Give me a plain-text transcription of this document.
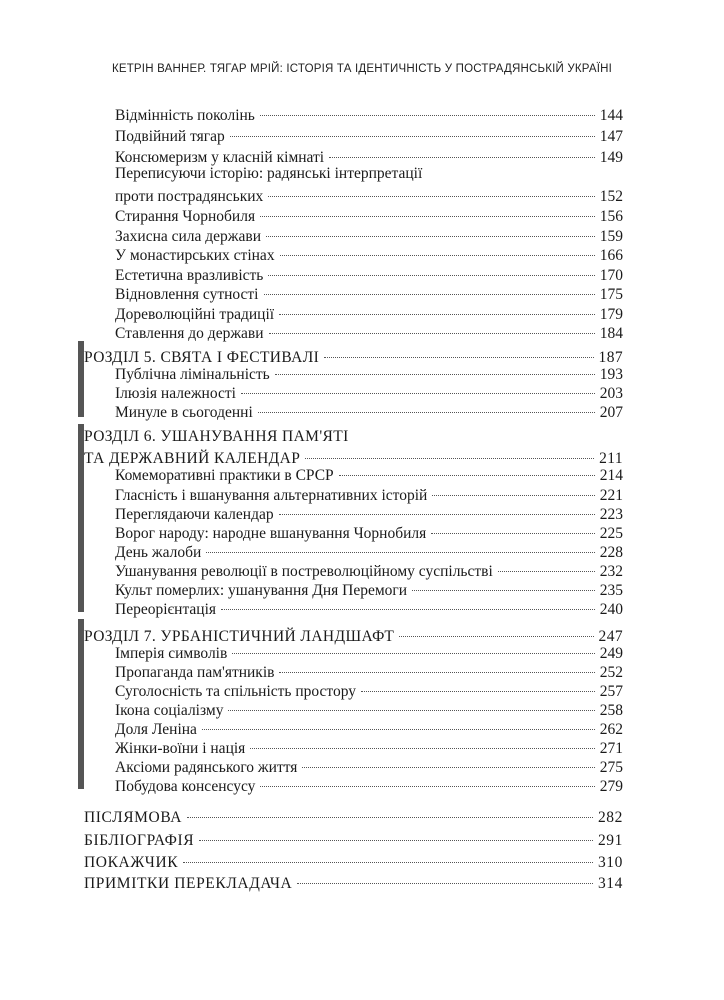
КЕТРІН ВАННЕР. ТЯГАР МРІЙ: ІСТОРІЯ ТА ІДЕНТИЧНІСТЬ У ПОСТРАДЯНСЬКІЙ УКРАЇНІ
Відмінність поколінь	144
Подвійний тягар	147
Консюмеризм у класній кімнаті	149
Переписуючи історію: радянські інтерпретації
проти пострадянських	152
Стирання Чорнобиля	156
Захисна сила держави	159
У монастирських стінах	166
Естетична вразливість	170
Відновлення сутності	175
Дореволюційні традиції	179
Ставлення до держави	184
РОЗДІЛ 5. СВЯТА І ФЕСТИВАЛІ	187
Публічна лімінальність	193
Ілюзія належності	203
Минуле в сьогоденні	207
РОЗДІЛ 6. УШАНУВАННЯ ПАМ'ЯТІ
ТА ДЕРЖАВНИЙ КАЛЕНДАР	211
Комеморативні практики в СРСР	214
Гласність і вшанування альтернативних історій	221
Переглядаючи календар	223
Ворог народу: народне вшанування Чорнобиля	225
День жалоби	228
Ушанування революції в постреволюційному суспільстві	232
Культ померлих: ушанування Дня Перемоги	235
Переорієнтація	240
РОЗДІЛ 7. УРБАНІСТИЧНИЙ ЛАНДШАФТ	247
Імперія символів	249
Пропаганда пам'ятників	252
Суголосність та спільність простору	257
Ікона соціалізму	258
Доля Леніна	262
Жінки-воїни і нація	271
Аксіоми радянського життя	275
Побудова консенсусу	279
ПІСЛЯМОВА	282
БІБЛІОГРАФІЯ	291
ПОКАЖЧИК	310
ПРИМІТКИ ПЕРЕКЛАДАЧА	314
